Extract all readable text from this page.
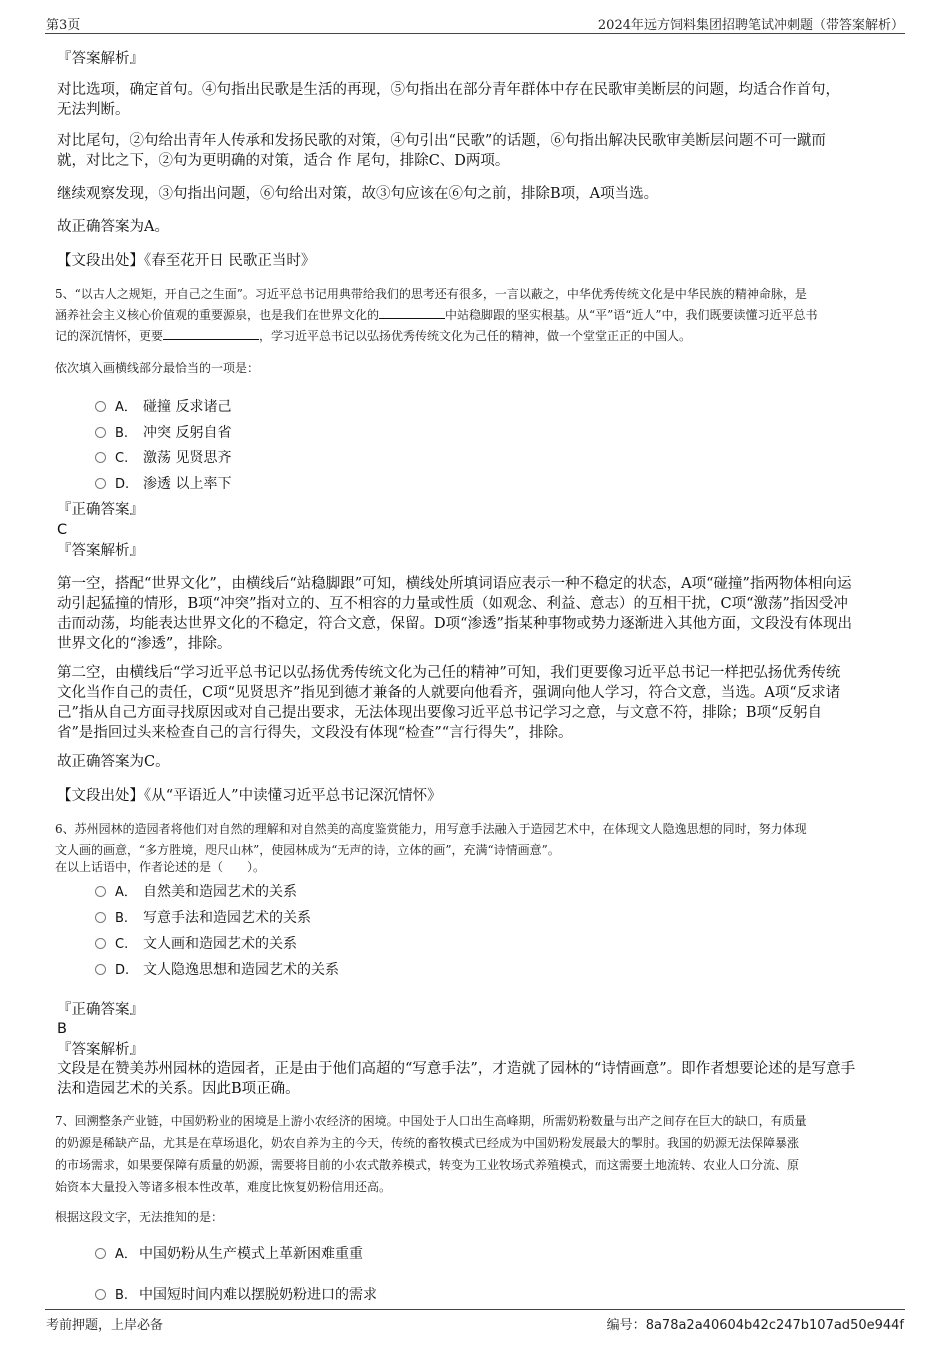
第3页	2024年远方饲料集团招聘笔试冲刺题（带答案解析）
『答案解析』
对比选项，确定首句。④句指出民歌是生活的再现，⑤句指出在部分青年群体中存在民歌审美断层的问题，均适合作首句，
无法判断。
对比尾句，②句给出青年人传承和发扬民歌的对策，④句引出“民歌”的话题，⑥句指出解决民歌审美断层问题不可一蹴而
就，对比之下，②句为更明确的对策，适合 作 尾句，排除C、D两项。
继续观察发现，③句指出问题，⑥句给出对策，故③句应该在⑥句之前，排除B项，A项当选。
故正确答案为A。
【文段出处】《春至花开日 民歌正当时》
5、“以古人之规矩，开自己之生面”。习近平总书记用典带给我们的思考还有很多，一言以蔽之，中华优秀传统文化是中华民族的精神命脉，是
涵养社会主义核心价值观的重要源泉，也是我们在世界文化的	中站稳脚跟的坚实根基。从“平”语“近人”中，我们既要读懂习近平总书
记的深沉情怀，更要	，学习近平总书记以弘扬优秀传统文化为己任的精神，做一个堂堂正正的中国人。
依次填入画横线部分最恰当的一项是：
A． 碰撞 反求诸己
B. 冲突 反躬自省
C. 激荡 见贤思齐
D. 渗透 以上率下
『正确答案』
C
『答案解析』
第一空，搭配“世界文化”，由横线后“站稳脚跟”可知，横线处所填词语应表示一种不稳定的状态，A项“碰撞”指两物体相向运
动引起猛撞的情形，B项“冲突”指对立的、互不相容的力量或性质（如观念、利益、意志）的互相干扰，C项“激荡”指因受冲
击而动荡，均能表达世界文化的不稳定，符合文意，保留。D项“渗透”指某种事物或势力逐渐进入其他方面，文段没有体现出
世界文化的“渗透”，排除。
第二空，由横线后“学习近平总书记以弘扬优秀传统文化为己任的精神”可知，我们更要像习近平总书记一样把弘扬优秀传统
文化当作自己的责任，C项“见贤思齐”指见到德才兼备的人就要向他看齐，强调向他人学习，符合文意，当选。A项“反求诸
己”指从自己方面寻找原因或对自己提出要求，无法体现出要像习近平总书记学习之意，与文意不符，排除；B项“反躬自
省”是指回过头来检查自己的言行得失，文段没有体现“检查”“言行得失”，排除。
故正确答案为C。
【文段出处】《从“平语近人”中读懂习近平总书记深沉情怀》
6、苏州园林的造园者将他们对自然的理解和对自然美的高度鉴赏能力，用写意手法融入于造园艺术中，在体现文人隐逸思想的同时，努力体现
文人画的画意，“多方胜境，咫尺山林”，使园林成为“无声的诗，立体的画”，充满“诗情画意”。
在以上话语中，作者论述的是（　　）。
A． 自然美和造园艺术的关系
B. 写意手法和造园艺术的关系
C. 文人画和造园艺术的关系
D. 文人隐逸思想和造园艺术的关系
『正确答案』
B
『答案解析』
文段是在赞美苏州园林的造园者，正是由于他们高超的“写意手法”，才造就了园林的“诗情画意”。即作者想要论述的是写意手
法和造园艺术的关系。因此B项正确。
7、回溯整条产业链，中国奶粉业的困境是上游小农经济的困境。中国处于人口出生高峰期，所需奶粉数量与出产之间存在巨大的缺口，有质量
的奶源是稀缺产品，尤其是在草场退化，奶农自养为主的今天，传统的畜牧模式已经成为中国奶粉发展最大的掣肘。我国的奶源无法保障暴涨
的市场需求，如果要保障有质量的奶源，需要将目前的小农式散养模式，转变为工业牧场式养殖模式，而这需要土地流转、农业人口分流、原
始资本大量投入等诸多根本性改革，难度比恢复奶粉信用还高。
根据这段文字，无法推知的是：
A． 中国奶粉从生产模式上革新困难重重
B. 中国短时间内难以摆脱奶粉进口的需求
考前押题，上岸必备	编号：8a78a2a40604b42c247b107ad50e944f
